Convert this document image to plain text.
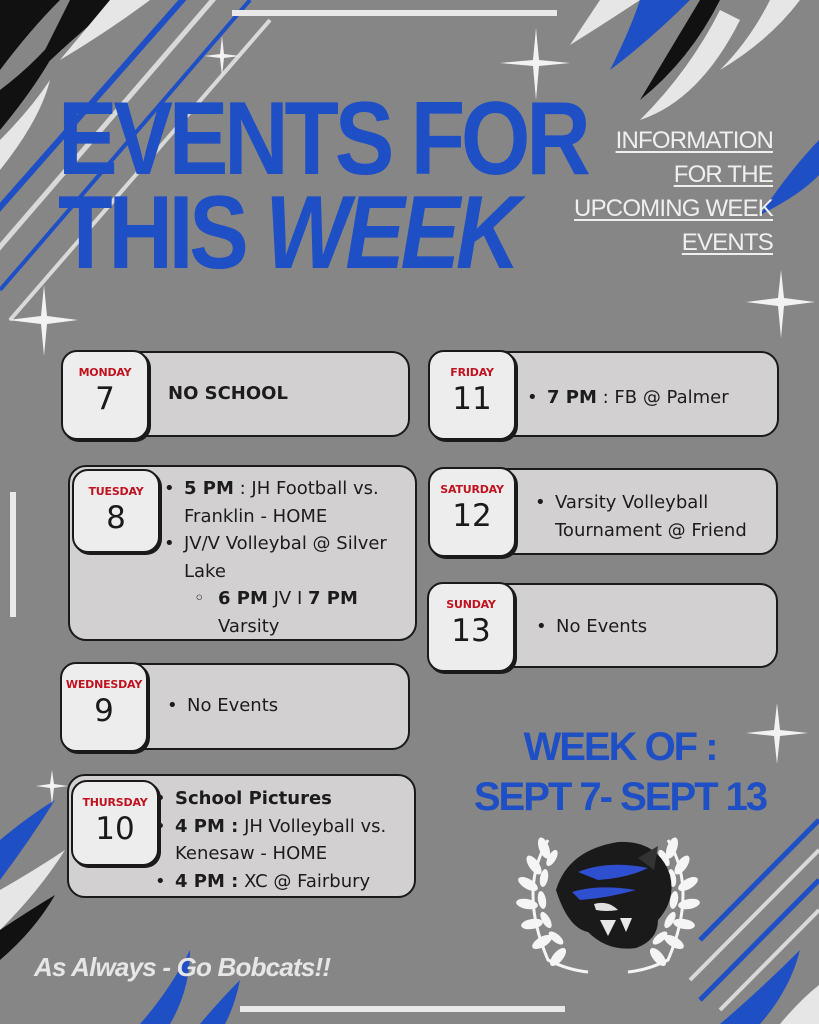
EVENTS FOR
THIS WEEK
INFORMATION
FOR THE
UPCOMING WEEK
EVENTS
MONDAY
7	NO SCHOOL
TUESDAY
8
• 5 PM : JH Football vs. Franklin - HOME
• JV/V Volleybal @ Silver Lake
◦ 6 PM JV I 7 PM Varsity
WEDNESDAY
9	• No Events
THURSDAY
10
• School Pictures
• 4 PM : JH Volleyball vs. Kenesaw - HOME
• 4 PM : XC @ Fairbury
FRIDAY
11	• 7 PM : FB @ Palmer
SATURDAY
12	• Varsity Volleyball Tournament @ Friend
SUNDAY
13	• No Events
WEEK OF :
SEPT 7- SEPT 13
As Always - Go Bobcats!!
